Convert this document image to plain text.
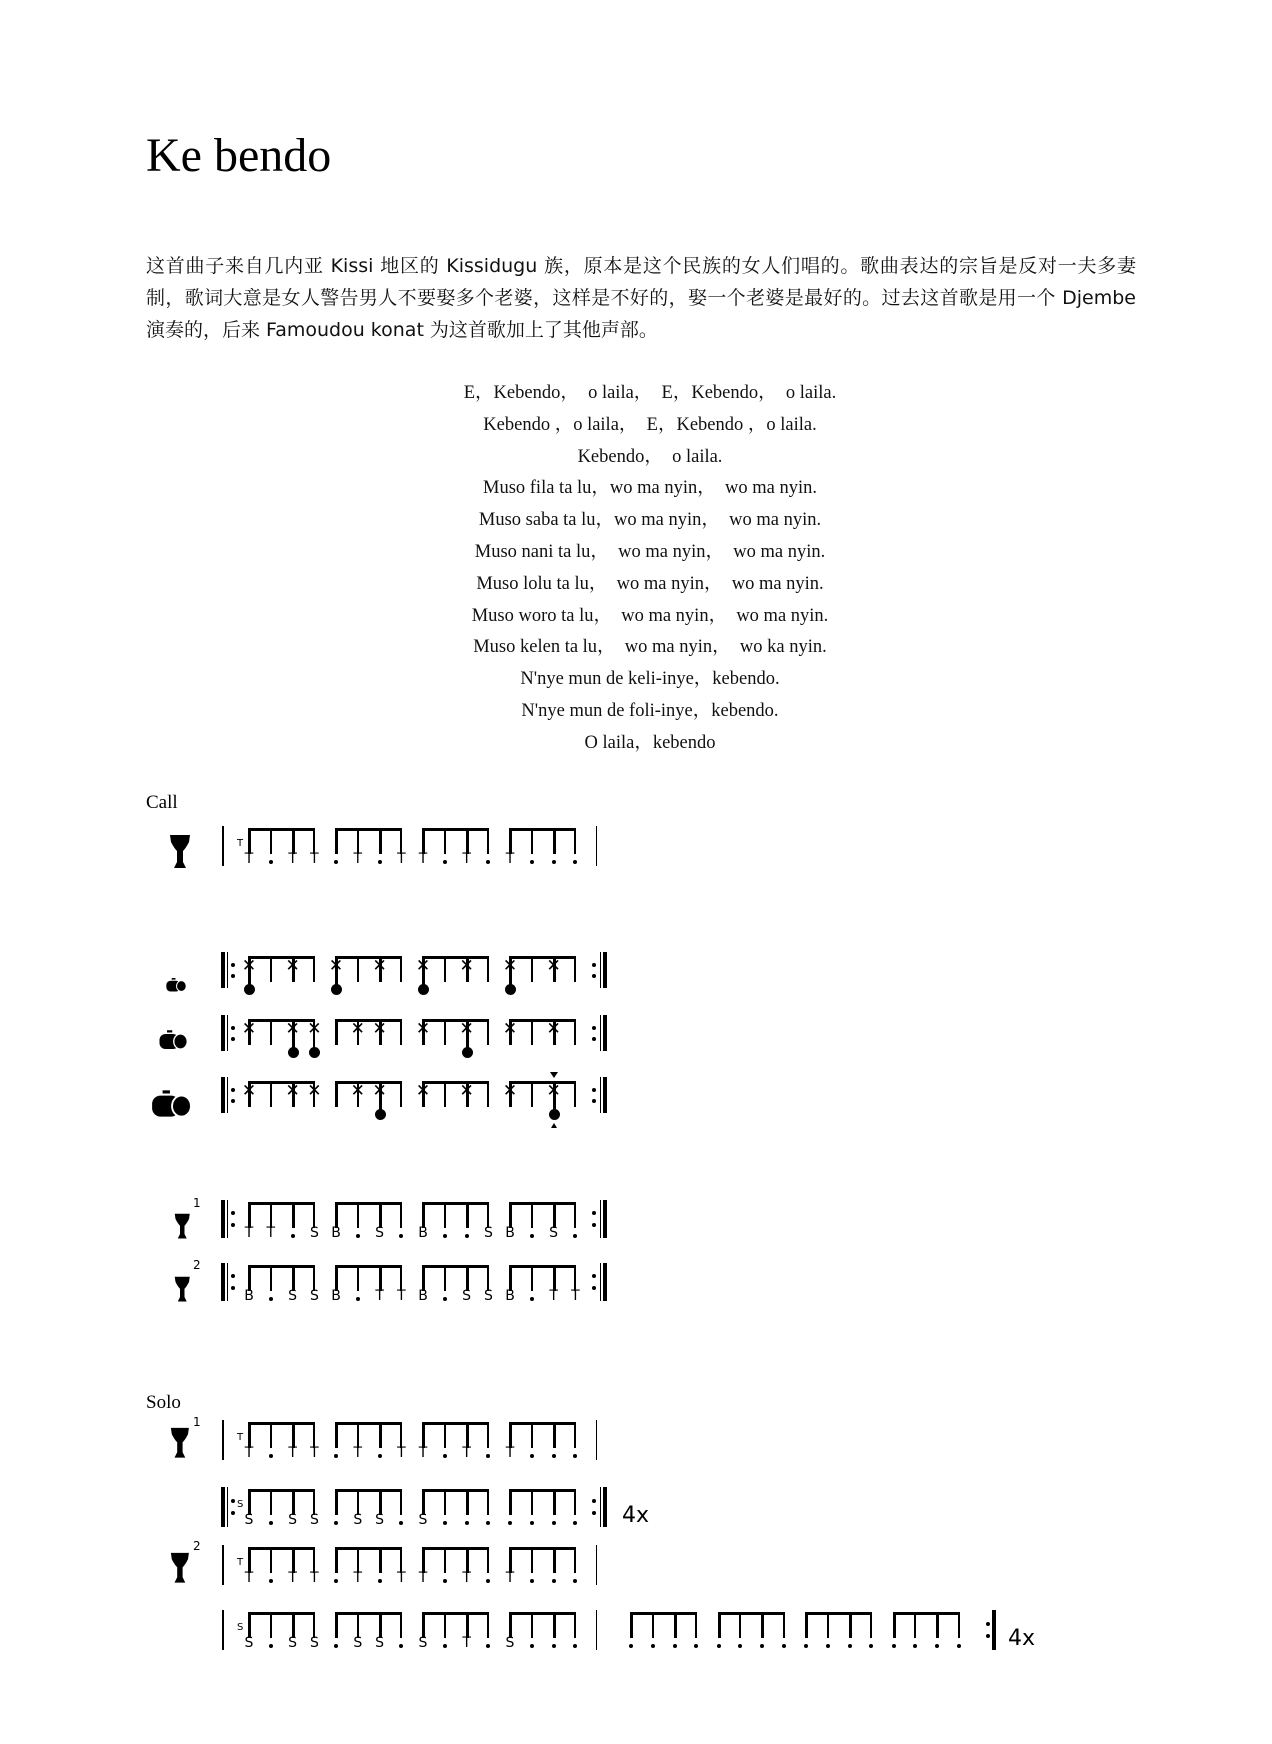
Ke bendo
这首曲子来自几内亚 Kissi 地区的 Kissidugu 族，原本是这个民族的女人们唱的。歌曲表达的宗旨是反对一夫多妻制，歌词大意是女人警告男人不要娶多个老婆，这样是不好的，娶一个老婆是最好的。过去这首歌是用一个 Djembe 演奏的，后来 Famoudou konat 为这首歌加上了其他声部。
E，Kebendo，  o laila，  E，Kebendo，  o laila.
Kebendo ，o laila，  E，Kebendo ，o laila.
Kebendo，  o laila.
Muso fila ta lu，wo ma nyin，  wo ma nyin.
Muso saba ta lu，wo ma nyin，  wo ma nyin.
Muso nani ta lu，  wo ma nyin，  wo ma nyin.
Muso lolu ta lu，  wo ma nyin，  wo ma nyin.
Muso woro ta lu，  wo ma nyin，  wo ma nyin.
Muso kelen ta lu，  wo ma nyin，  wo ka nyin.
N'nye mun de keli-inye，kebendo.
N'nye mun de foli-inye，kebendo.
O laila，kebendo
Call
Solo
T	T T T	T T	T T
T
✕ ✕ ✕ ✕ ✕ ✕ ✕ ✕
✕ ✕ ✕ ✕ ✕ ✕ ✕ ✕ ✕
✕ ✕ ✕ ✕ ✕ ✕ ✕ ✕ ✕
1
T T S B S B	S B S
2
B S S B T T B S S B T T
1
T	T T T	T T	T T
T
S S S S S S
S	4x
2
T	T T T	T T	T T
T
S S S S S S T S
S	4x
